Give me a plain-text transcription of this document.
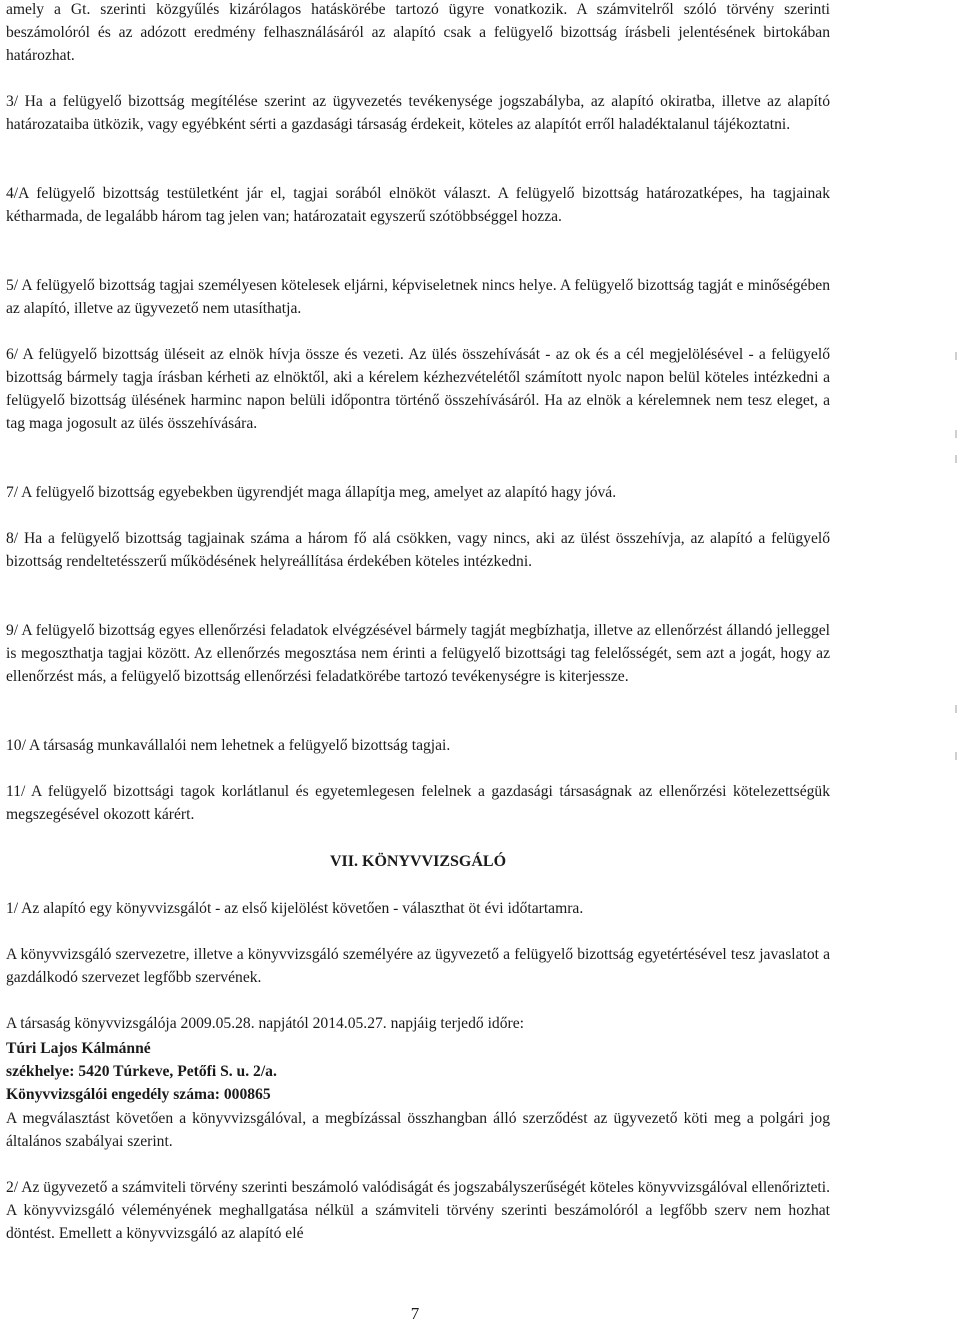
amely a Gt. szerinti közgyűlés kizárólagos hatáskörébe tartozó ügyre vonatkozik. A számvitelről szóló törvény szerinti beszámolóról és az adózott eredmény felhasználásáról az alapító csak a felügyelő bizottság írásbeli jelentésének birtokában határozhat.

3/ Ha a felügyelő bizottság megítélése szerint az ügyvezetés tevékenysége jogszabályba, az alapító okiratba, illetve az alapító határozataiba ütközik, vagy egyébként sérti a gazdasági társaság érdekeit, köteles az alapítót erről haladéktalanul tájékoztatni.

4/A felügyelő bizottság testületként jár el, tagjai sorából elnököt választ. A felügyelő bizottság határozatképes, ha tagjainak kétharmada, de legalább három tag jelen van; határozatait egyszerű szótöbbséggel hozza.

5/ A felügyelő bizottság tagjai személyesen kötelesek eljárni, képviseletnek nincs helye. A felügyelő bizottság tagját e minőségében az alapító, illetve az ügyvezető nem utasíthatja.

6/ A felügyelő bizottság üléseit az elnök hívja össze és vezeti. Az ülés összehívását - az ok és a cél megjelölésével - a felügyelő bizottság bármely tagja írásban kérheti az elnöktől, aki a kérelem kézhezvételétől számított nyolc napon belül köteles intézkedni a felügyelő bizottság ülésének harminc napon belüli időpontra történő összehívásáról. Ha az elnök a kérelemnek nem tesz eleget, a tag maga jogosult az ülés összehívására.

7/ A felügyelő bizottság egyebekben ügyrendjét maga állapítja meg, amelyet az alapító hagy jóvá.

8/ Ha a felügyelő bizottság tagjainak száma a három fő alá csökken, vagy nincs, aki az ülést összehívja, az alapító a felügyelő bizottság rendeltetésszerű működésének helyreállítása érdekében köteles intézkedni.

9/ A felügyelő bizottság egyes ellenőrzési feladatok elvégzésével bármely tagját megbízhatja, illetve az ellenőrzést állandó jelleggel is megoszthatja tagjai között. Az ellenőrzés megosztása nem érinti a felügyelő bizottsági tag felelősségét, sem azt a jogát, hogy az ellenőrzést más, a felügyelő bizottság ellenőrzési feladatkörébe tartozó tevékenységre is kiterjessze.

10/ A társaság munkavállalói nem lehetnek a felügyelő bizottság tagjai.

11/ A felügyelő bizottsági tagok korlátlanul és egyetemlegesen felelnek a gazdasági társaságnak az ellenőrzési kötelezettségük megszegésével okozott kárért.

VII. KÖNYVVIZSGÁLÓ

1/ Az alapító egy könyvvizsgálót - az első kijelölést követően - választhat öt évi időtartamra.

A könyvvizsgáló szervezetre, illetve a könyvvizsgáló személyére az ügyvezető a felügyelő bizottság egyetértésével tesz javaslatot a gazdálkodó szervezet legfőbb szervének.

A társaság könyvvizsgálója 2009.05.28. napjától 2014.05.27. napjáig terjedő időre:

Túri Lajos Kálmánné

székhelye: 5420 Túrkeve, Petőfi S. u. 2/a.

Könyvvizsgálói engedély száma: 000865

A megválasztást követően a könyvvizsgálóval, a megbízással összhangban álló szerződést az ügyvezető köti meg a polgári jog általános szabályai szerint.

2/ Az ügyvezető a számviteli törvény szerinti beszámoló valódiságát és jogszabályszerűségét köteles könyvvizsgálóval ellenőrizteti. A könyvvizsgáló véleményének meghallgatása nélkül a számviteli törvény szerinti beszámolóról a legfőbb szerv nem hozhat döntést. Emellett a könyvvizsgáló az alapító elé

7
